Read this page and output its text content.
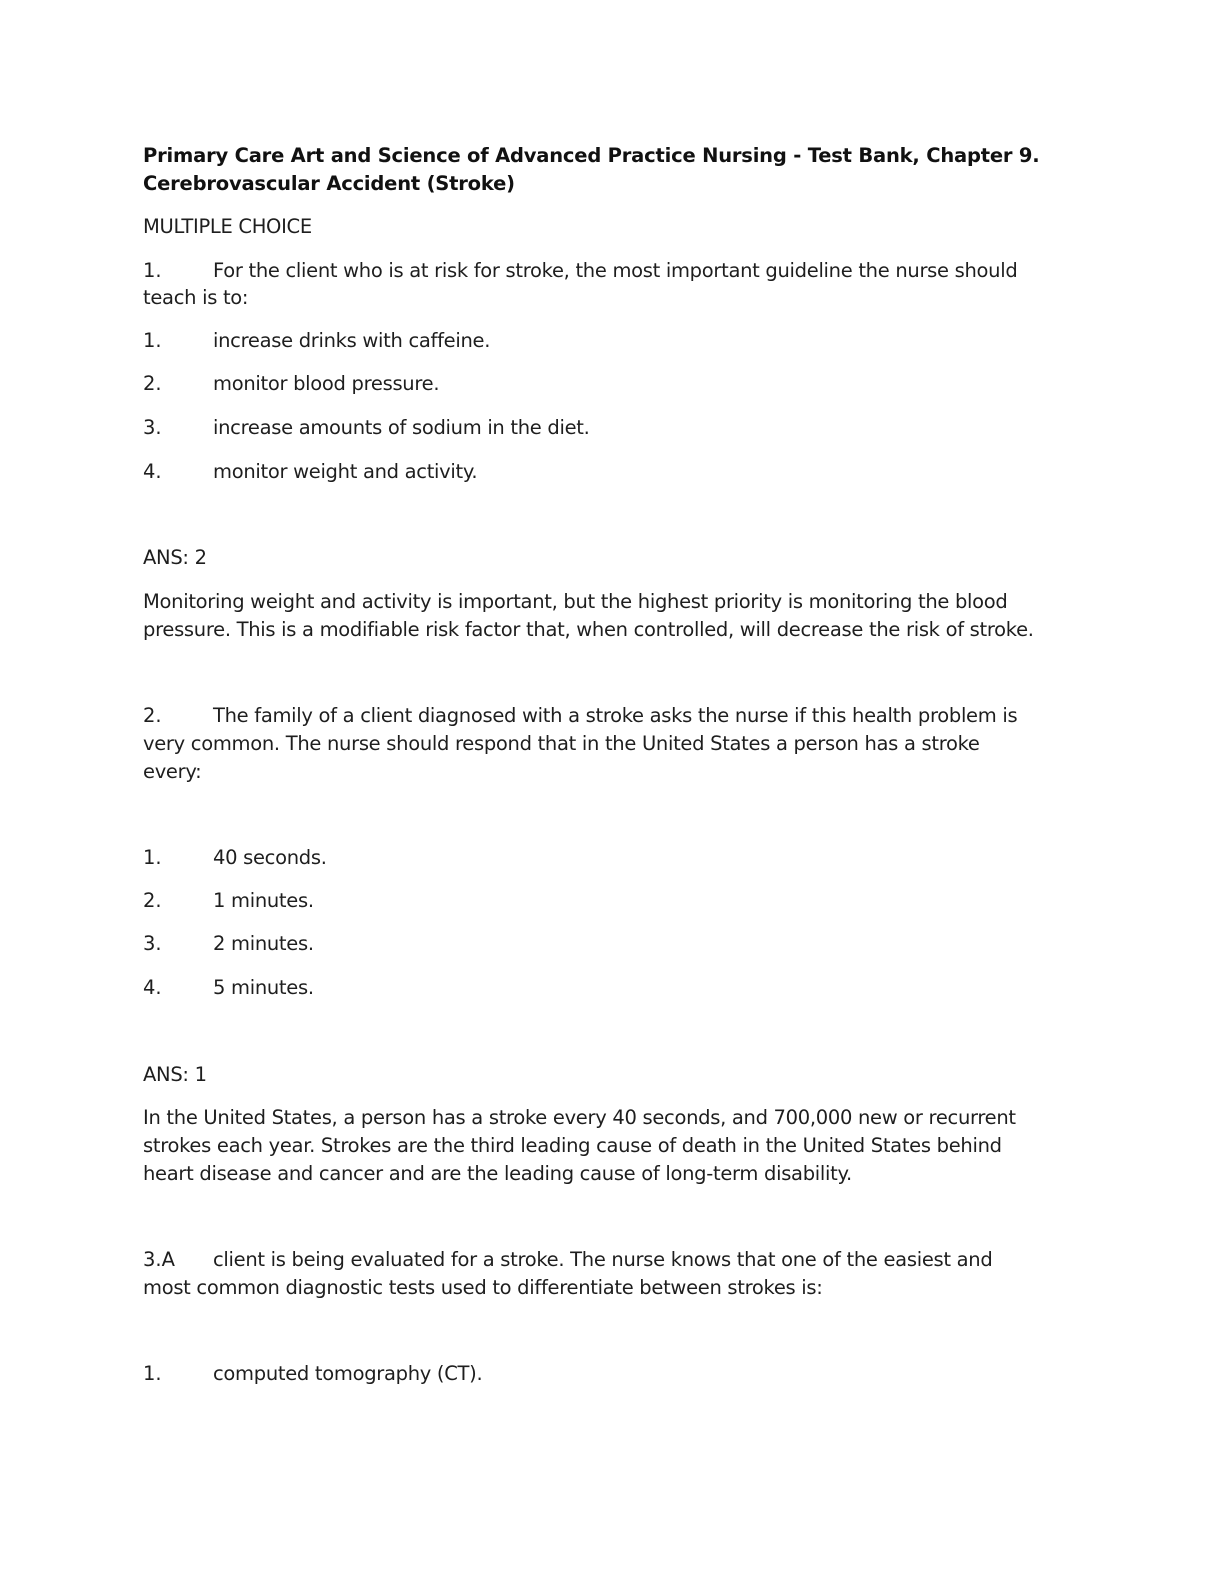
Primary Care Art and Science of Advanced Practice Nursing - Test Bank, Chapter 9.
Cerebrovascular Accident (Stroke)
MULTIPLE CHOICE
1.	For the client who is at risk for stroke, the most important guideline the nurse should
teach is to:
1.	increase drinks with caffeine.
2.	monitor blood pressure.
3.	increase amounts of sodium in the diet.
4.	monitor weight and activity.
ANS: 2
Monitoring weight and activity is important, but the highest priority is monitoring the blood
pressure. This is a modifiable risk factor that, when controlled, will decrease the risk of stroke.
2.	The family of a client diagnosed with a stroke asks the nurse if this health problem is
very common. The nurse should respond that in the United States a person has a stroke
every:
1.	40 seconds.
2.	1 minutes.
3.	2 minutes.
4.	5 minutes.
ANS: 1
In the United States, a person has a stroke every 40 seconds, and 700,000 new or recurrent
strokes each year. Strokes are the third leading cause of death in the United States behind
heart disease and cancer and are the leading cause of long-term disability.
3.A client is being evaluated for a stroke. The nurse knows that one of the easiest and
most common diagnostic tests used to differentiate between strokes is:
1.	computed tomography (CT).
